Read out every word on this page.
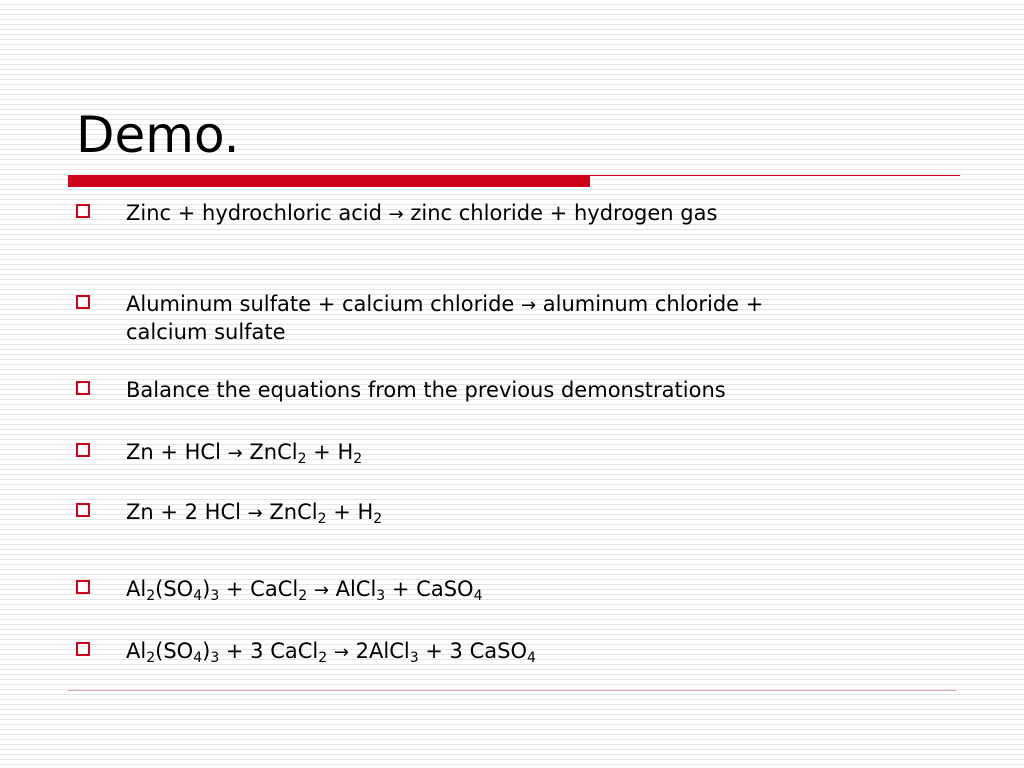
Demo.
Zinc + hydrochloric acid → zinc chloride + hydrogen gas
Aluminum sulfate + calcium chloride → aluminum chloride +
calcium sulfate
Balance the equations from the previous demonstrations
Zn + HCl → ZnCl$_2$ + $H_2$
Zn + 2 HCl → ZnCl$_2$ + $H_2$
$Al_2(SO_4)_3$ + CaCl$_2$ → AlCl$_3$ + CaSO$_4$
$Al_2(SO_4)_3 + 3$ CaCl$_2$ → 2AlCl$_3$ + 3 CaSO$_4$
